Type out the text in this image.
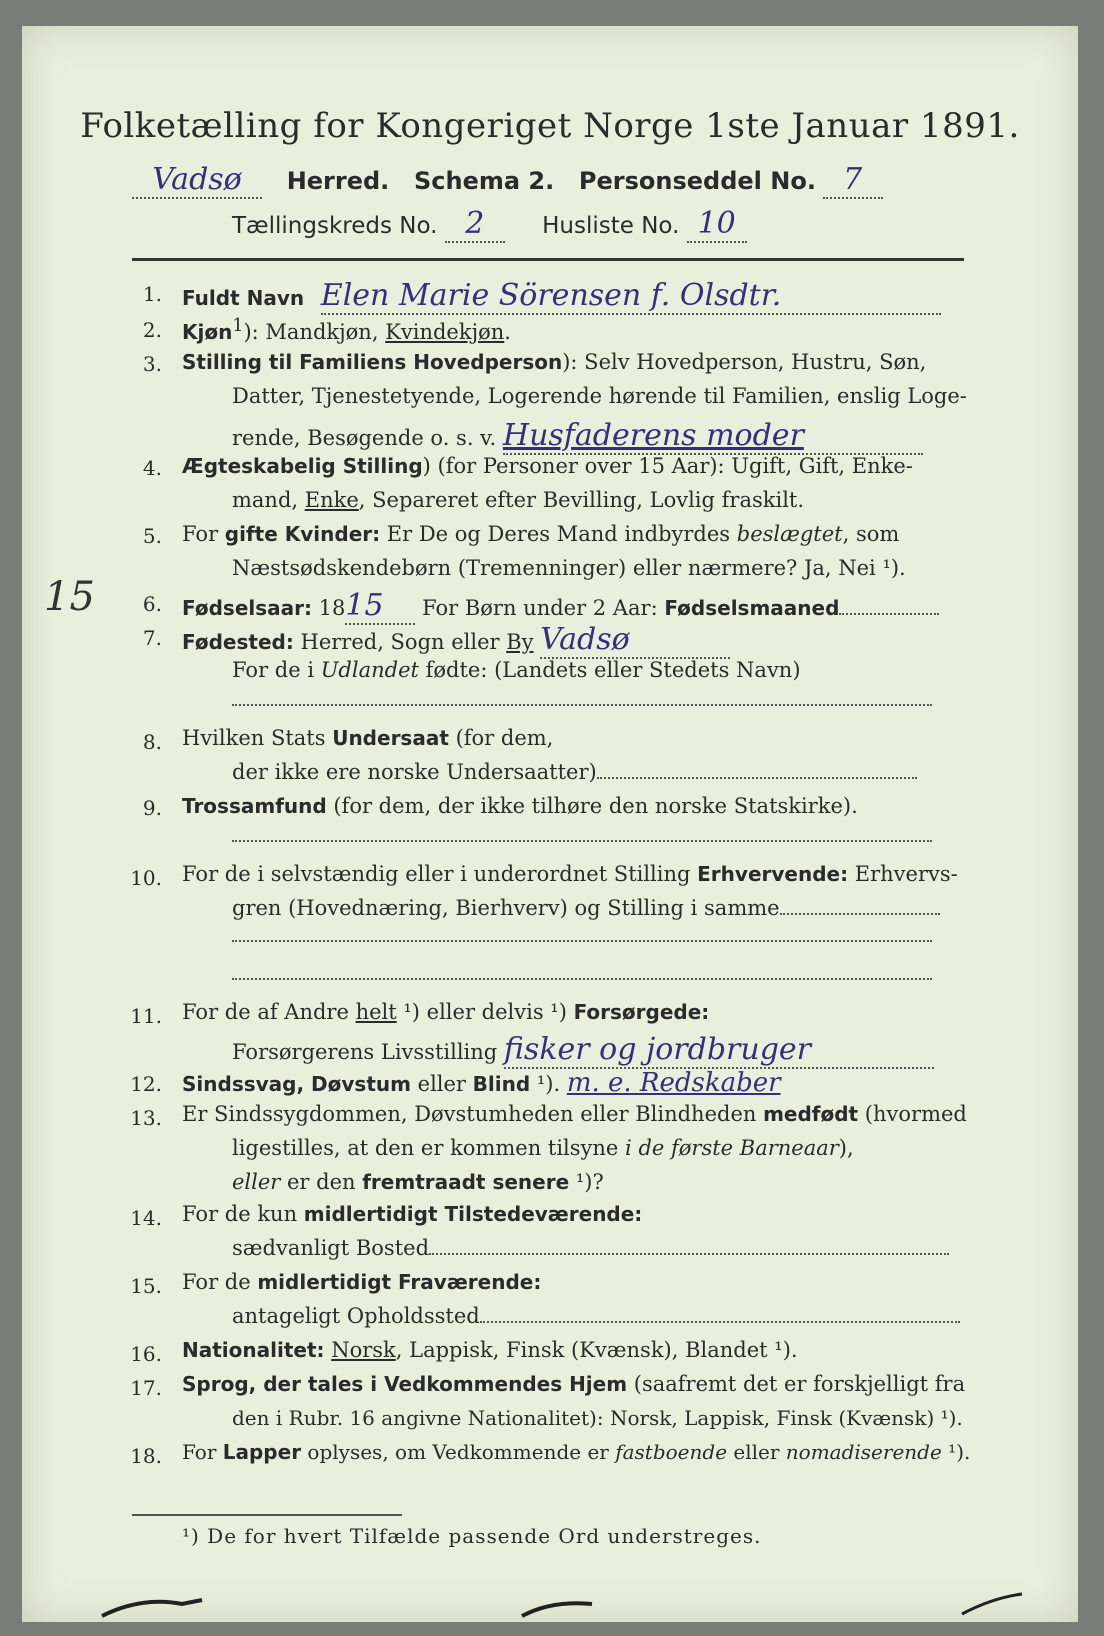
Folketælling for Kongeriget Norge 1ste Januar 1891.
Vadsø Herred. Schema 2. Personseddel No. 7
Tællingskreds No. 2	Husliste No. 10
1. Fuldt Navn Elen Marie Sörensen f. Olsdtr.
2. Kjøn$^1$): Mandkjøn, Kvindekjøn.
3. Stilling til Familiens Hovedperson): Selv Hovedperson, Hustru, Søn,
Datter, Tjenestetyende, Logerende hørende til Familien, enslig Loge-
rende, Besøgende o. s. v. Husfaderens moder
4. Ægteskabelig Stilling) (for Personer over 15 Aar): Ugift, Gift, Enke-
mand, Enke, Separeret efter Bevilling, Lovlig fraskilt.
5. For gifte Kvinder: Er De og Deres Mand indbyrdes beslægtet, som
Næstsødskendebørn (Tremenninger) eller nærmere? Ja, Nei ¹).
15	6. Fødselsaar: 1815 For Børn under 2 Aar: Fødselsmaaned
7. Fødested: Herred, Sogn eller By Vadsø
For de i Udlandet fødte: (Landets eller Stedets Navn)
8. Hvilken Stats Undersaat (for dem,
der ikke ere norske Undersaatter)
9. Trossamfund (for dem, der ikke tilhøre den norske Statskirke).
10. For de i selvstændig eller i underordnet Stilling Erhvervende: Erhvervs-
gren (Hovednæring, Bierhverv) og Stilling i samme
11. For de af Andre helt ¹) eller delvis ¹) Forsørgede:
Forsørgerens Livsstilling fisker og jordbruger
12. Sindssvag, Døvstum eller Blind ¹). m. e. Redskaber
13. Er Sindssygdommen, Døvstumheden eller Blindheden medfødt (hvormed
ligestilles, at den er kommen tilsyne i de første Barneaar),
eller er den fremtraadt senere ¹)?
14. For de kun midlertidigt Tilstedeværende:
sædvanligt Bosted
15. For de midlertidigt Fraværende:
antageligt Opholdssted
16. Nationalitet: Norsk, Lappisk, Finsk (Kvænsk), Blandet ¹).
17. Sprog, der tales i Vedkommendes Hjem (saafremt det er forskjelligt fra
den i Rubr. 16 angivne Nationalitet): Norsk, Lappisk, Finsk (Kvænsk) ¹).
18. For Lapper oplyses, om Vedkommende er fastboende eller nomadiserende ¹).
¹) De for hvert Tilfælde passende Ord understreges.
